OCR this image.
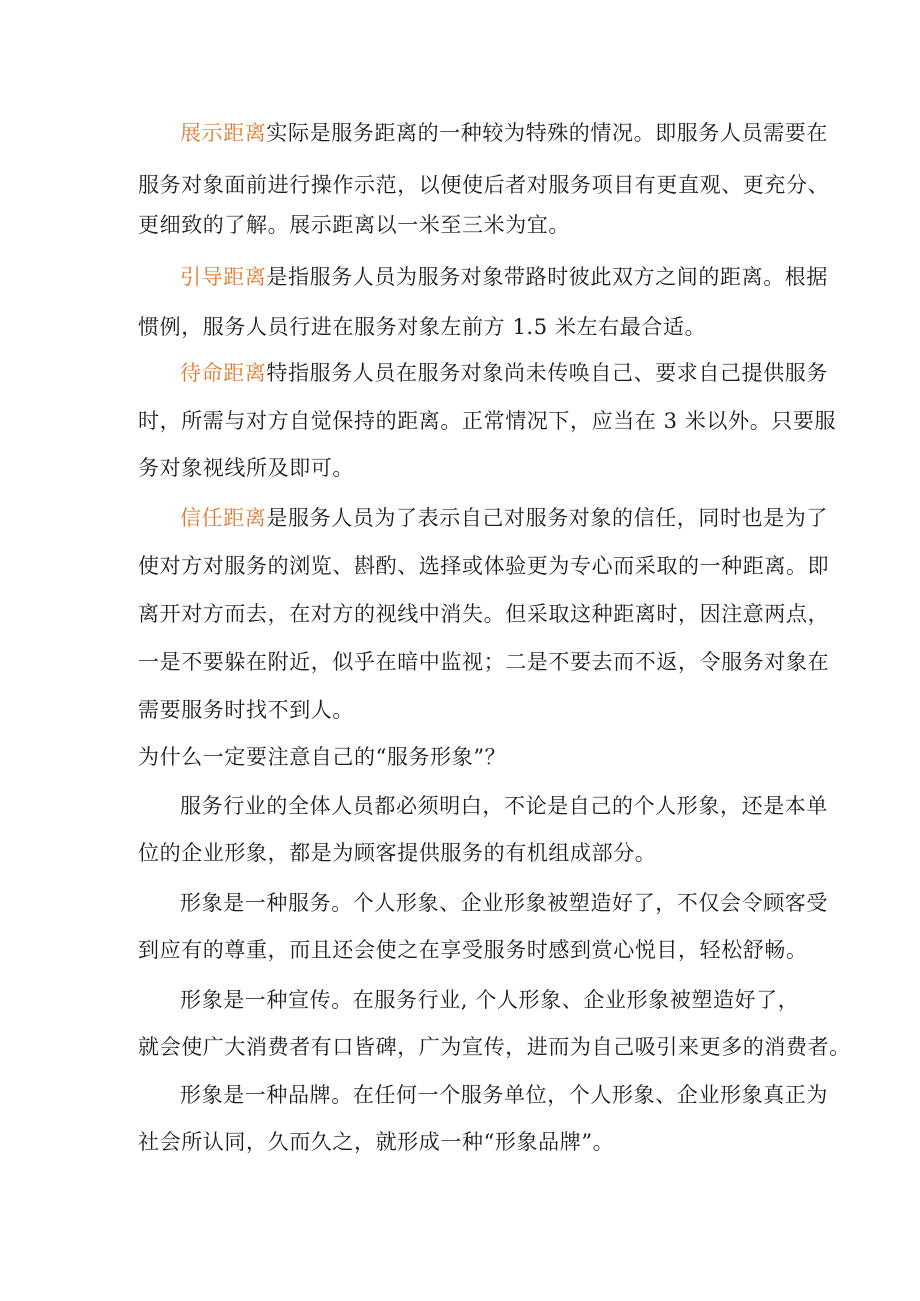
展示距离实际是服务距离的一种较为特殊的情况。即服务人员需要在
服务对象面前进行操作示范，以便使后者对服务项目有更直观、更充分、
更细致的了解。展示距离以一米至三米为宜。
引导距离是指服务人员为服务对象带路时彼此双方之间的距离。根据
惯例，服务人员行进在服务对象左前方 1.5 米左右最合适。
待命距离特指服务人员在服务对象尚未传唤自己、要求自己提供服务
时，所需与对方自觉保持的距离。正常情况下，应当在 3 米以外。只要服
务对象视线所及即可。
信任距离是服务人员为了表示自己对服务对象的信任，同时也是为了
使对方对服务的浏览、斟酌、选择或体验更为专心而采取的一种距离。即
离开对方而去，在对方的视线中消失。但采取这种距离时，因注意两点，
一是不要躲在附近，似乎在暗中监视；二是不要去而不返，令服务对象在
需要服务时找不到人。
为什么一定要注意自己的“服务形象”？
服务行业的全体人员都必须明白，不论是自己的个人形象，还是本单
位的企业形象，都是为顾客提供服务的有机组成部分。
形象是一种服务。个人形象、企业形象被塑造好了，不仅会令顾客受
到应有的尊重，而且还会使之在享受服务时感到赏心悦目，轻松舒畅。
形象是一种宣传。在服务行业, 个人形象、企业形象被塑造好了，
就会使广大消费者有口皆碑，广为宣传，进而为自己吸引来更多的消费者。
形象是一种品牌。在任何一个服务单位，个人形象、企业形象真正为
社会所认同，久而久之，就形成一种“形象品牌”。
